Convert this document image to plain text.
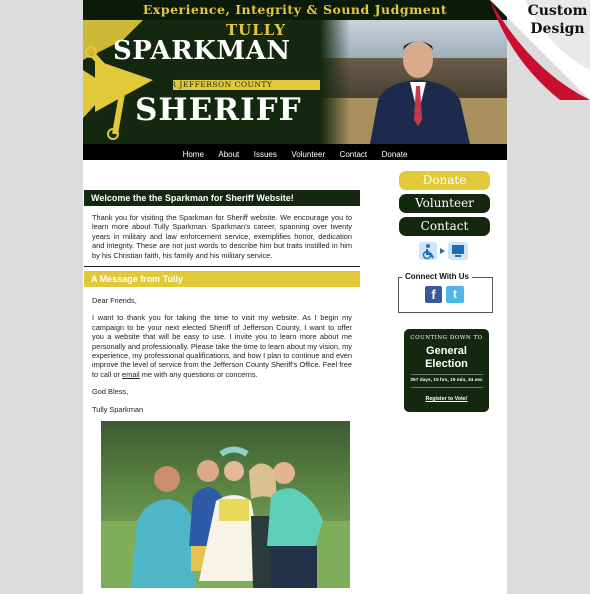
Experience, Integrity & Sound Judgment
TULLY
SPARKMAN
FOR JEFFERSON COUNTY
SHERIFF
Custom
Design
Home About Issues Volunteer Contact Donate
Welcome the the Sparkman for Sheriff Website!

Thank you for visiting the Sparkman for Sheriff website. We encourage you to learn more about Tully Sparkman. Sparkman's career, spanning over twenty years in military and law enforcement service, exemplifies honor, dedication and integrity. These are not just words to describe him but traits instilled in him by his Christian faith, his family and his military service.

A Message from Tully

Dear Friends,

I want to thank you for taking the time to visit my website. As I begin my campaign to be your next elected Sheriff of Jefferson County, I want to offer you a website that will be easy to use. I invite you to learn more about me personally and professionally. Please take the time to learn about my vision, my experience, my professional qualifications, and how I plan to continue and even improve the level of service from the Jefferson County Sheriff's Office. Feel free to call or email me with any questions or concerns.

God Bless,

Tully Sparkman

Donate
Volunteer
Contact
Connect With Us
f	t
COUNTING DOWN TO
General
Election
257 days, 15 hrs, 19 min, 34 sec
Register to Vote!
